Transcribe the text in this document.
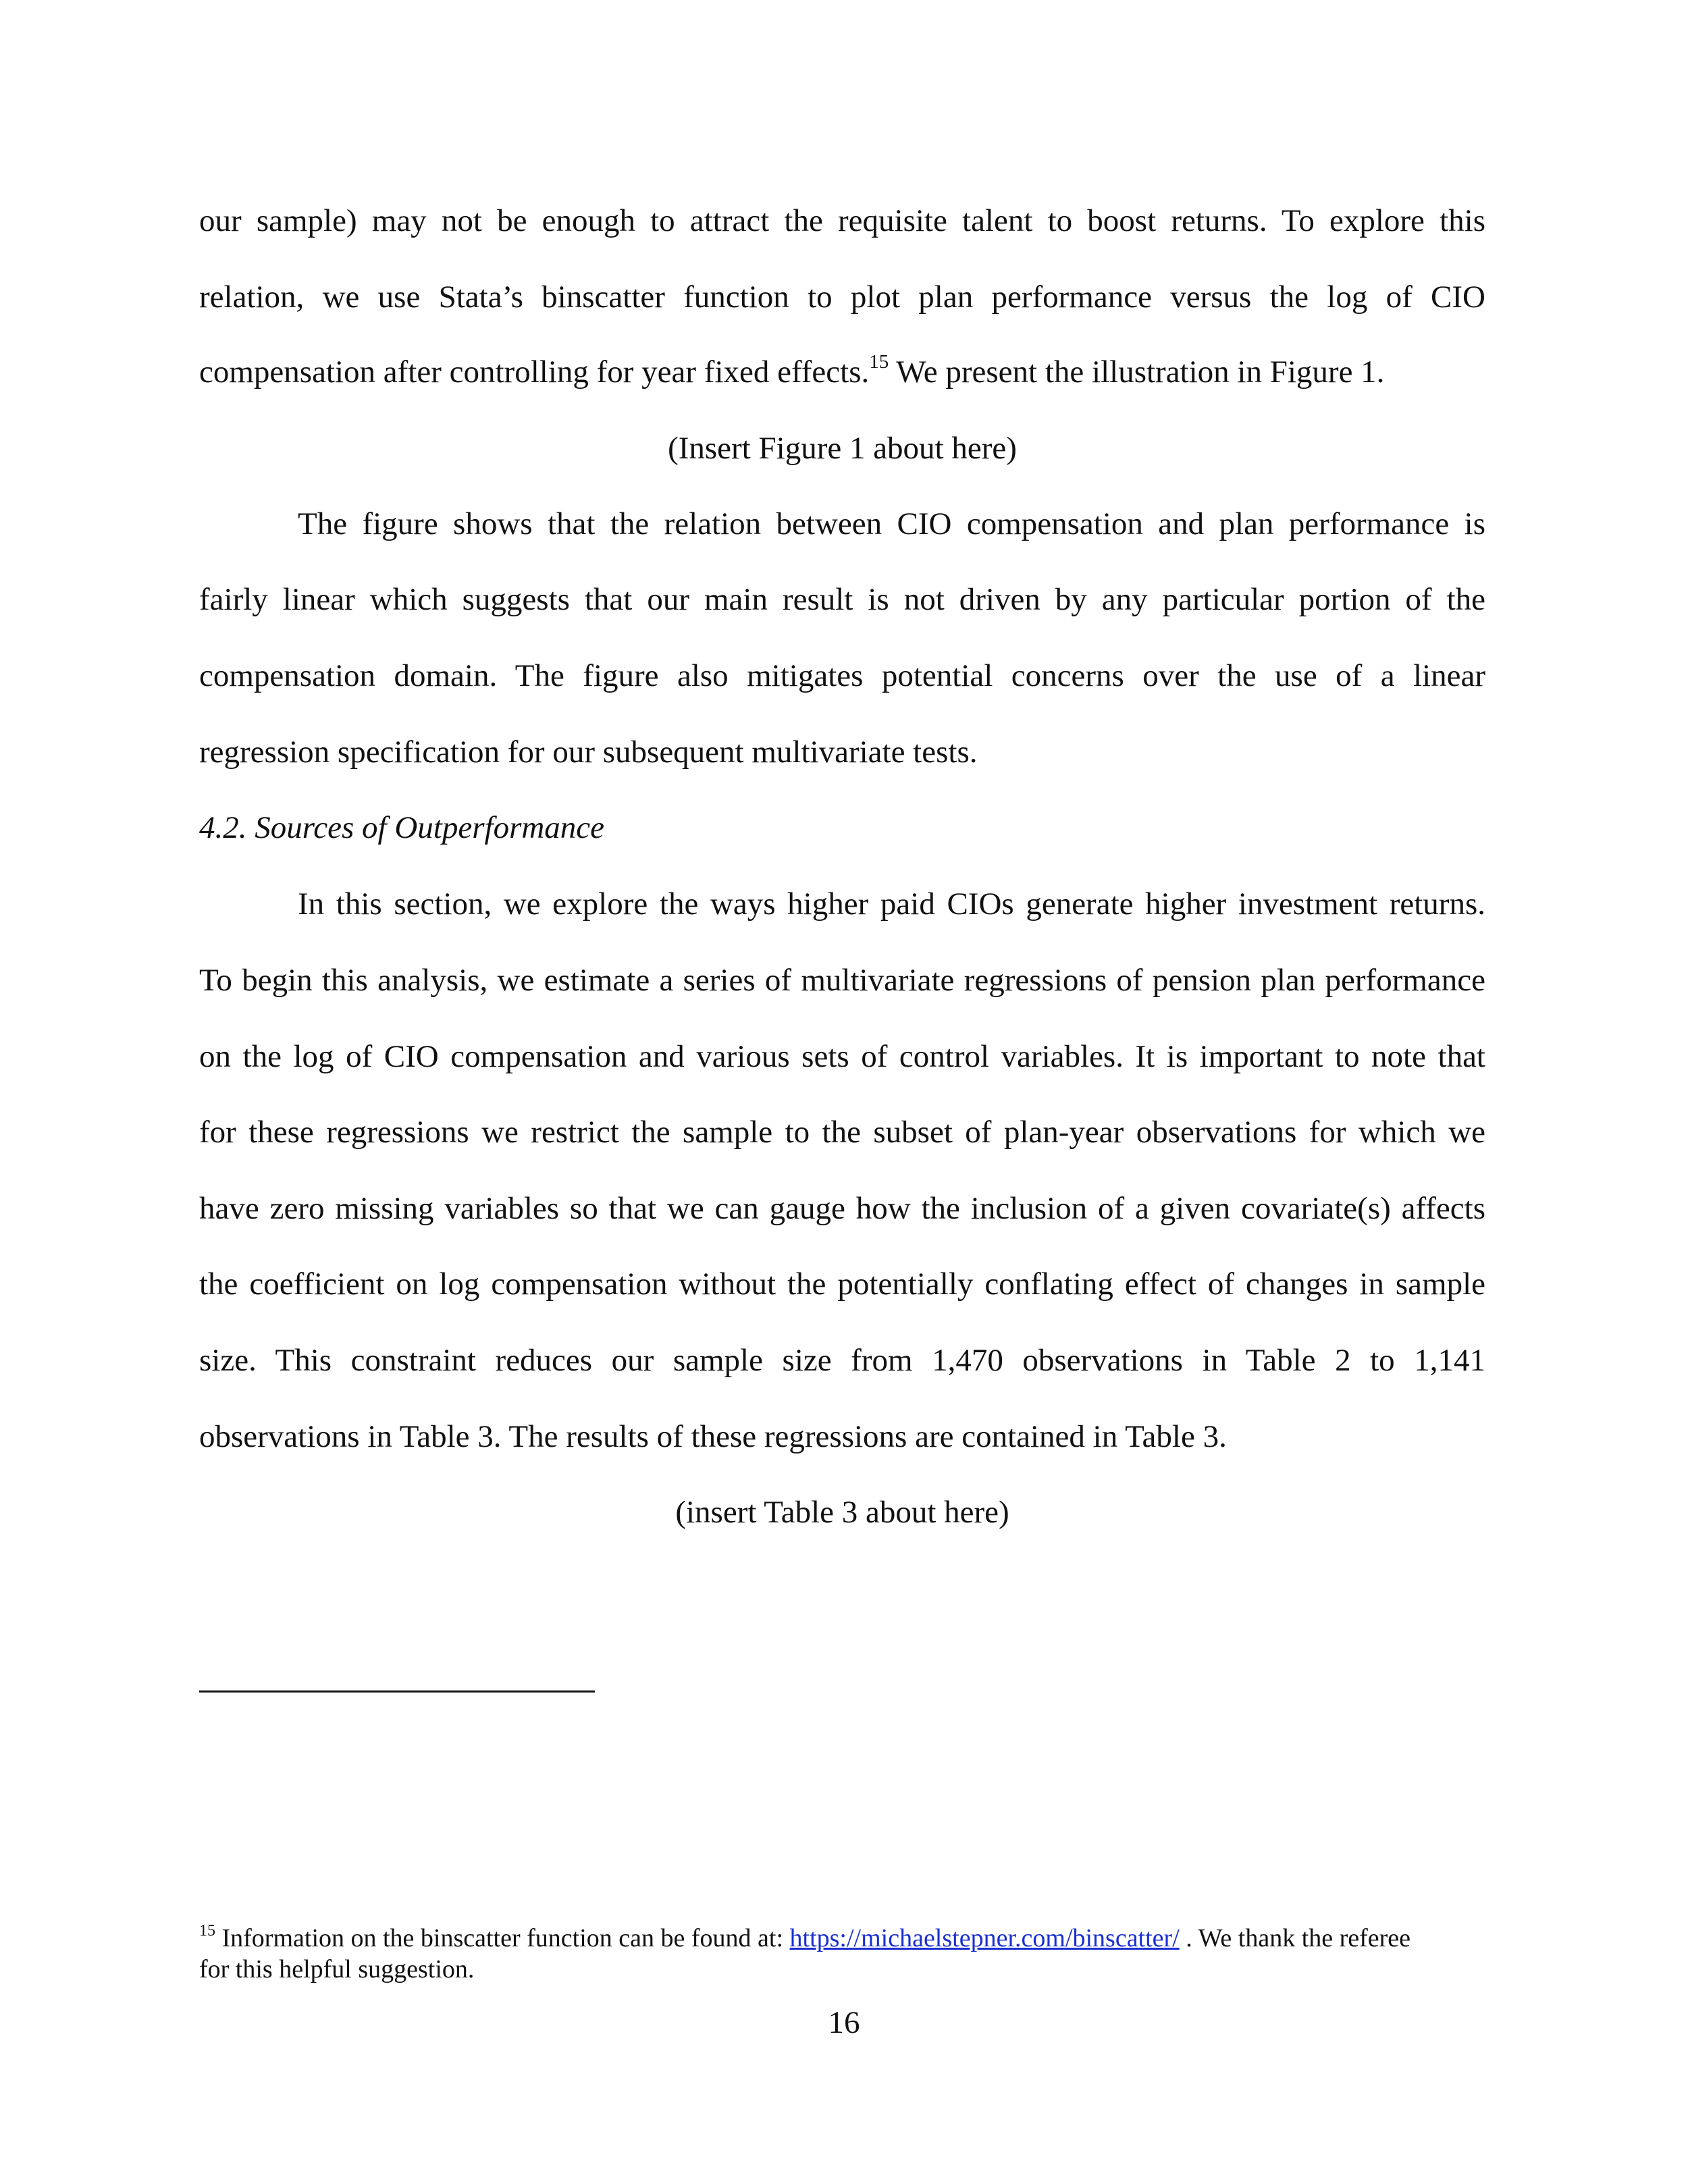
our sample) may not be enough to attract the requisite talent to boost returns. To explore this
relation, we use Stata’s binscatter function to plot plan performance versus the log of CIO
compensation after controlling for year fixed effects.$^{15}$ We present the illustration in Figure 1.
(Insert Figure 1 about here)
The figure shows that the relation between CIO compensation and plan performance is
fairly linear which suggests that our main result is not driven by any particular portion of the
compensation domain. The figure also mitigates potential concerns over the use of a linear
regression specification for our subsequent multivariate tests.
4.2. Sources of Outperformance
In this section, we explore the ways higher paid CIOs generate higher investment returns.
To begin this analysis, we estimate a series of multivariate regressions of pension plan performance
on the log of CIO compensation and various sets of control variables. It is important to note that
for these regressions we restrict the sample to the subset of plan-year observations for which we
have zero missing variables so that we can gauge how the inclusion of a given covariate(s) affects
the coefficient on log compensation without the potentially conflating effect of changes in sample
size. This constraint reduces our sample size from 1,470 observations in Table 2 to 1,141
observations in Table 3. The results of these regressions are contained in Table 3.
(insert Table 3 about here)
$^{15}$ Information on the binscatter function can be found at: https://michaelstepner.com/binscatter/ . We thank the referee
for this helpful suggestion.
16
